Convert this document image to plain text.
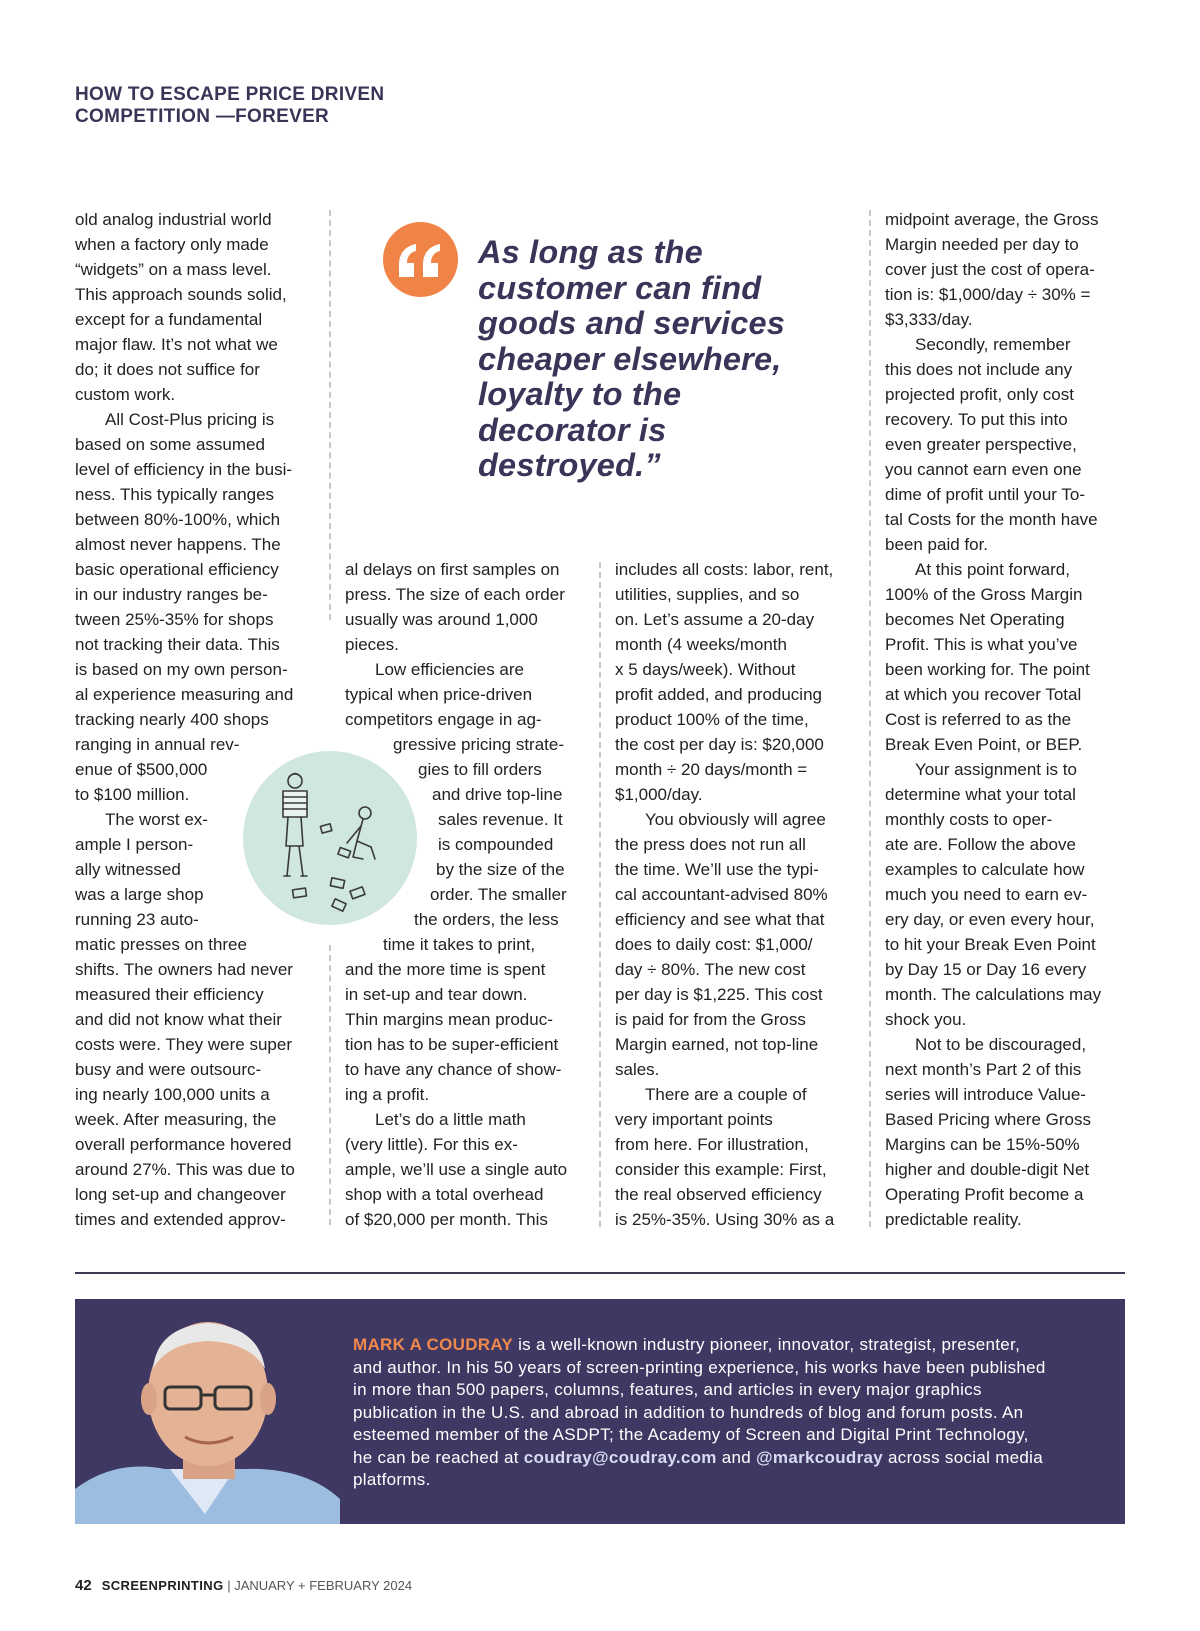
HOW TO ESCAPE PRICE DRIVEN
COMPETITION —FOREVER

old analog industrial world

when a factory only made

“widgets” on a mass level.

This approach sounds solid,

except for a fundamental

major flaw. It’s not what we

do; it does not suffice for

custom work.

All Cost-Plus pricing is

based on some assumed

level of efficiency in the busi-

ness. This typically ranges

between 80%-100%, which

almost never happens. The

basic operational efficiency

in our industry ranges be-

tween 25%-35% for shops

not tracking their data. This

is based on my own person-

al experience measuring and

tracking nearly 400 shops

ranging in annual rev-

enue of $500,000

to $100 million.

The worst ex-

ample I person-

ally witnessed

was a large shop

running 23 auto-

matic presses on three

shifts. The owners had never

measured their efficiency

and did not know what their

costs were. They were super

busy and were outsourc-

ing nearly 100,000 units a

week. After measuring, the

overall performance hovered

around 27%. This was due to

long set-up and changeover

times and extended approv-

As long as the
customer can find
goods and services
cheaper elsewhere,
loyalty to the
decorator is
destroyed.”

al delays on first samples on

press. The size of each order

usually was around 1,000

pieces.

Low efficiencies are

typical when price-driven

competitors engage in ag-

gressive pricing strate-

gies to fill orders

and drive top-line

sales revenue. It

is compounded

by the size of the

order. The smaller

the orders, the less

time it takes to print,

and the more time is spent

in set-up and tear down.

Thin margins mean produc-

tion has to be super-efficient

to have any chance of show-

ing a profit.

Let’s do a little math

(very little). For this ex-

ample, we’ll use a single auto

shop with a total overhead

of $20,000 per month. This

includes all costs: labor, rent,

utilities, supplies, and so

on. Let’s assume a 20-day

month (4 weeks/month

x 5 days/week). Without

profit added, and producing

product 100% of the time,

the cost per day is: $20,000

month ÷ 20 days/month =

$1,000/day.

You obviously will agree

the press does not run all

the time. We’ll use the typi-

cal accountant-advised 80%

efficiency and see what that

does to daily cost: $1,000/

day ÷ 80%. The new cost

per day is $1,225. This cost

is paid for from the Gross

Margin earned, not top-line

sales.

There are a couple of

very important points

from here. For illustration,

consider this example: First,

the real observed efficiency

is 25%-35%. Using 30% as a

midpoint average, the Gross

Margin needed per day to

cover just the cost of opera-

tion is: $1,000/day ÷ 30% =

$3,333/day.

Secondly, remember

this does not include any

projected profit, only cost

recovery. To put this into

even greater perspective,

you cannot earn even one

dime of profit until your To-

tal Costs for the month have

been paid for.

At this point forward,

100% of the Gross Margin

becomes Net Operating

Profit. This is what you’ve

been working for. The point

at which you recover Total

Cost is referred to as the

Break Even Point, or BEP.

Your assignment is to

determine what your total

monthly costs to oper-

ate are. Follow the above

examples to calculate how

much you need to earn ev-

ery day, or even every hour,

to hit your Break Even Point

by Day 15 or Day 16 every

month. The calculations may

shock you.

Not to be discouraged,

next month’s Part 2 of this

series will introduce Value-

Based Pricing where Gross

Margins can be 15%-50%

higher and double-digit Net

Operating Profit become a

predictable reality.

MARK A COUDRAY is a well-known industry pioneer, innovator, strategist, presenter, and author. In his 50 years of screen-printing experience, his works have been published in more than 500 papers, columns, features, and articles in every major graphics publication in the U.S. and abroad in addition to hundreds of blog and forum posts. An esteemed member of the ASDPT; the Academy of Screen and Digital Print Technology, he can be reached at coudray@coudray.com and @markcoudray across social media platforms.
42 SCREENPRINTING | JANUARY + FEBRUARY 2024
